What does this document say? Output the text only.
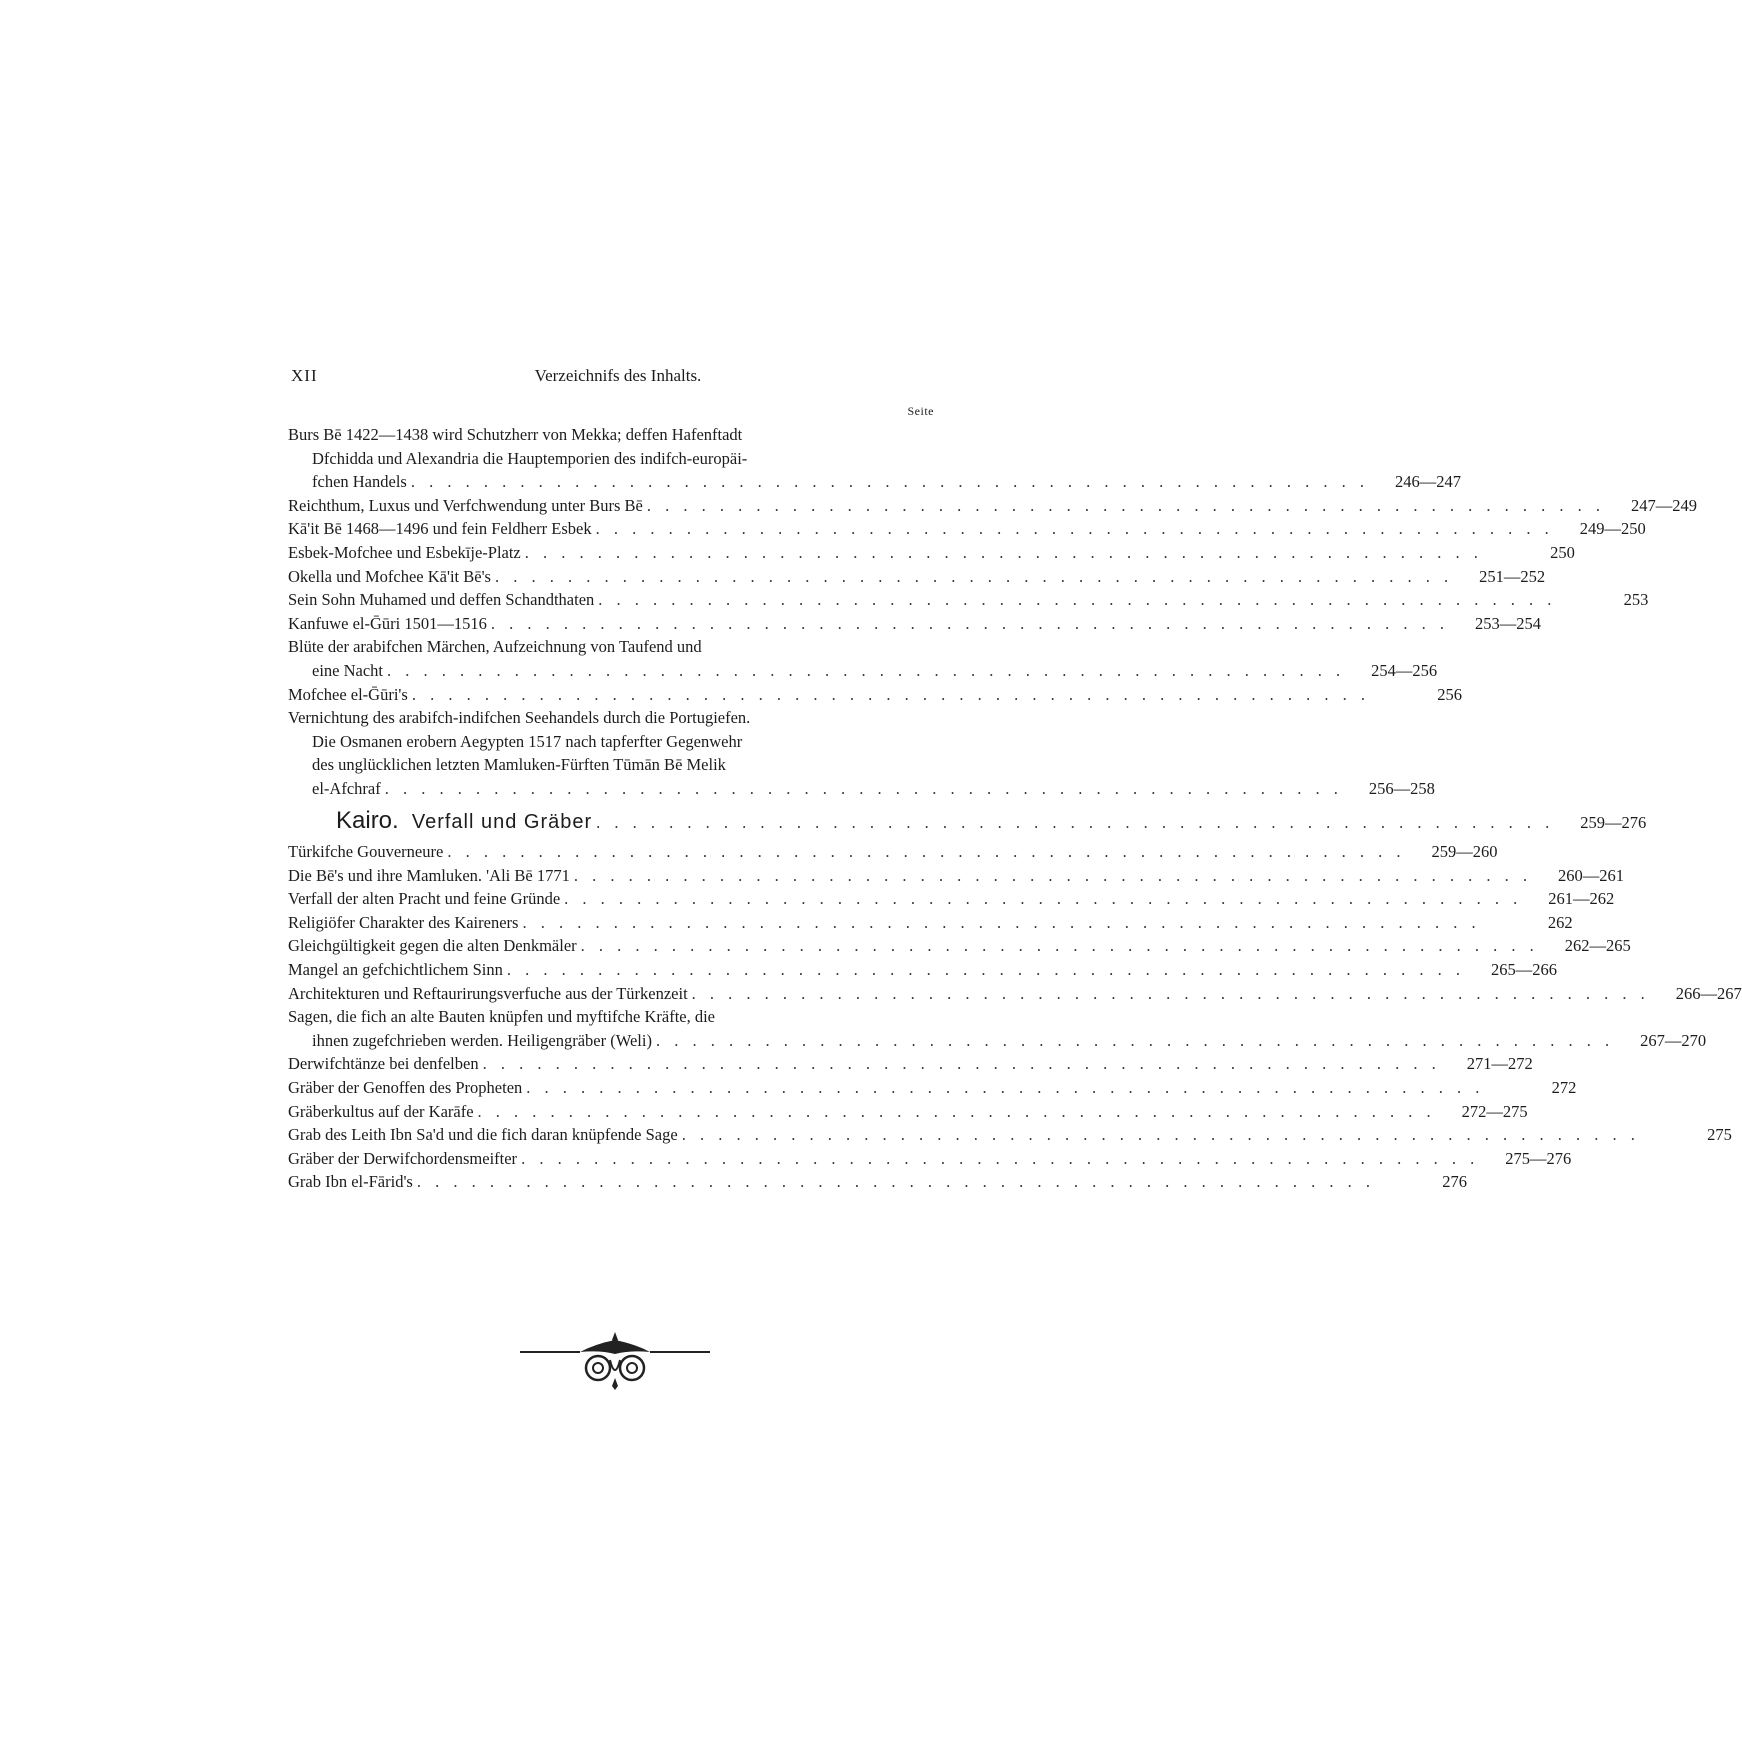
XII	Verzeichnifs des Inhalts.
Seite
Burs Bē 1422—1438 wird Schutzherr von Mekka; deffen Hafenftadt
Dfchidda und Alexandria die Hauptemporien des indifch-europäi-
fchen Handels . . .	246—247
Reichthum, Luxus und Verfchwendung unter Burs Bē . . .	247—249
Kā'it Bē 1468—1496 und fein Feldherr Esbek . . .	249—250
Esbek-Mofchee und Esbekīje-Platz . . .	250
Okella und Mofchee Kā'it Bē's . . .	251—252
Sein Sohn Muhamed und deffen Schandthaten . . .	253
Kanfuwe el-Ḡūri 1501—1516 . . .	253—254
Blüte der arabifchen Märchen, Aufzeichnung von Taufend und
eine Nacht . . .	254—256
Mofchee el-Ḡūri's . . .	256
Vernichtung des arabifch-indifchen Seehandels durch die Portugiefen.
Die Osmanen erobern Aegypten 1517 nach tapferfter Gegenwehr
des unglücklichen letzten Mamluken-Fürften Tūmān Bē Melik
el-Afchraf . . .	256—258
Kairo. Verfall und Gräber . . .	259—276
Türkifche Gouverneure . . .	259—260
Die Bē's und ihre Mamluken. 'Ali Bē 1771 . . .	260—261
Verfall der alten Pracht und feine Gründe . . .	261—262
Religiöfer Charakter des Kaireners . . .	262
Gleichgültigkeit gegen die alten Denkmäler . . .	262—265
Mangel an gefchichtlichem Sinn . . .	265—266
Architekturen und Reftaurirungsverfuche aus der Türkenzeit . . .	266—267
Sagen, die fich an alte Bauten knüpfen und myftifche Kräfte, die
ihnen zugefchrieben werden. Heiligengräber (Weli) . . .	267—270
Derwifchtänze bei denfelben . . .	271—272
Gräber der Genoffen des Propheten . . .	272
Gräberkultus auf der Karāfe . . .	272—275
Grab des Leith Ibn Sa'd und die fich daran knüpfende Sage . . .	275
Gräber der Derwifchordensmeifter . . .	275—276
Grab Ibn el-Fārid's . . .	276
